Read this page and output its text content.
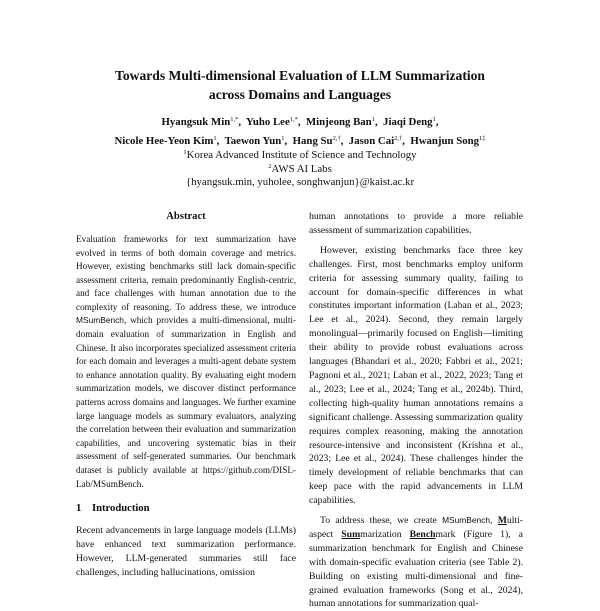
Towards Multi-dimensional Evaluation of LLM Summarization
across Domains and Languages
Hyangsuk Min$^{1,*}$,  Yuho Lee$^{1,*}$,  Minjeong Ban$^1$,  Jiaqi Deng$^1$,
Nicole Hee-Yeon Kim$^1$,  Taewon Yun$^1$,  Hang $Su^{2,\dagger}$,  Jason Cai$^{2,\dagger}$,  Hwanjun Song$^{1\ddagger}$
$^1$Korea Advanced Institute of Science and Technology
$^2$AWS AI Labs
{hyangsuk.min, yuholee, songhwanjun}@kaist.ac.kr
Abstract

Evaluation frameworks for text summarization have evolved in terms of both domain coverage and metrics. However, existing benchmarks still lack domain-specific assessment criteria, remain predominantly English-centric, and face challenges with human annotation due to the complexity of reasoning. To address these, we introduce MSumBench, which provides a multi-dimensional, multi-domain evaluation of summarization in English and Chinese. It also incorporates specialized assessment criteria for each domain and leverages a multi-agent debate system to enhance annotation quality. By evaluating eight modern summarization models, we discover distinct performance patterns across domains and languages. We further examine large language models as summary evaluators, analyzing the correlation between their evaluation and summarization capabilities, and uncovering systematic bias in their assessment of self-generated summaries. Our benchmark dataset is publicly available at https://github.com/DISL-Lab/MSumBench.

1 Introduction

Recent advancements in large language models (LLMs) have enhanced text summarization performance. However, LLM-generated summaries still face challenges, including hallucinations, omission

human annotations to provide a more reliable assessment of summarization capabilities.

However, existing benchmarks face three key challenges. First, most benchmarks employ uniform criteria for assessing summary quality, failing to account for domain-specific differences in what constitutes important information (Laban et al., 2023; Lee et al., 2024). Second, they remain largely monolingual—primarily focused on English—limiting their ability to provide robust evaluations across languages (Bhandari et al., 2020; Fabbri et al., 2021; Pagnoni et al., 2021; Laban et al., 2022, 2023; Tang et al., 2023; Lee et al., 2024; Tang et al., 2024b). Third, collecting high-quality human annotations remains a significant challenge. Assessing summarization quality requires complex reasoning, making the annotation resource-intensive and inconsistent (Krishna et al., 2023; Lee et al., 2024). These challenges hinder the timely development of reliable benchmarks that can keep pace with the rapid advancements in LLM capabilities.

To address these, we create MSumBench, Multi-aspect Summarization Benchmark (Figure 1), a summarization benchmark for English and Chinese with domain-specific evaluation criteria (see Table 2). Building on existing multi-dimensional and fine-grained evaluation frameworks (Song et al., 2024), human annotations for summarization qual-
